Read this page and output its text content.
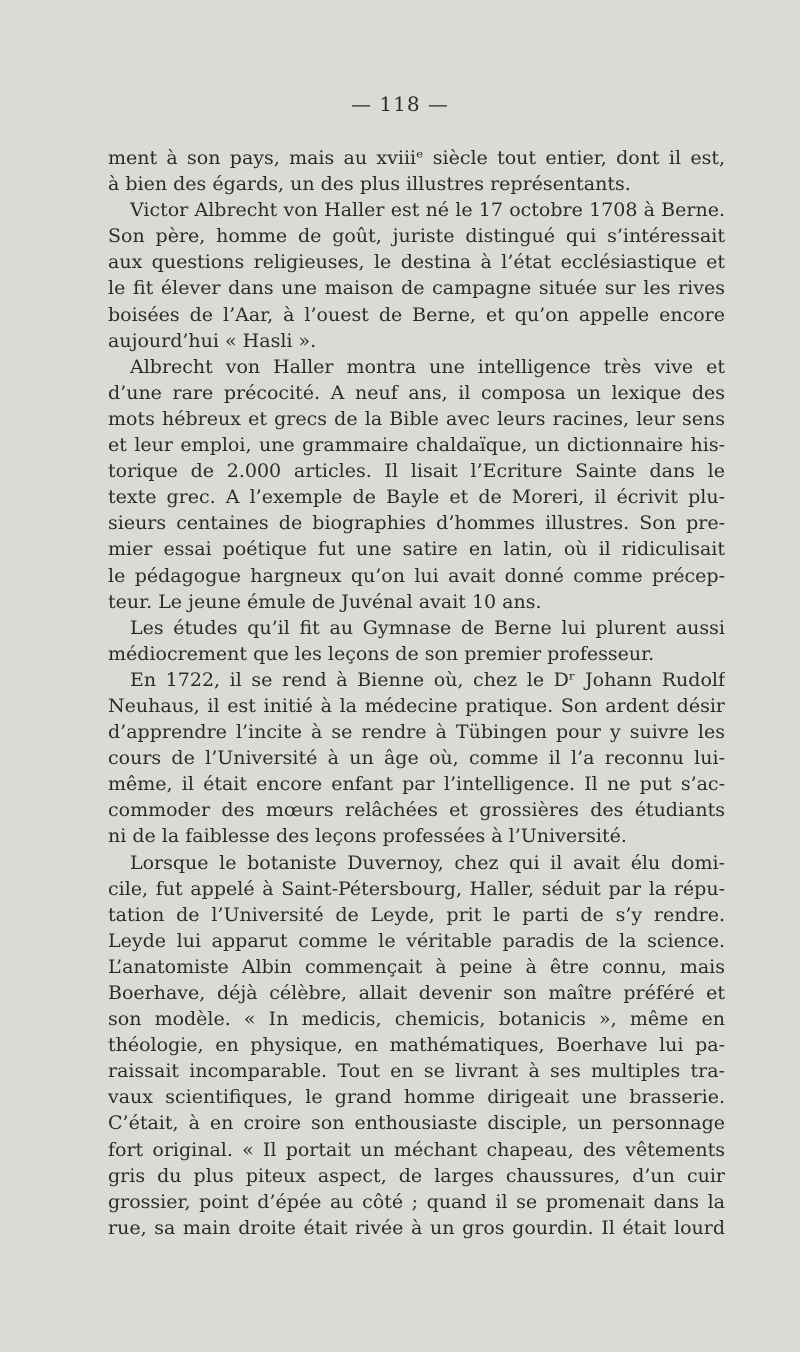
— 118 —
ment à son pays, mais au xviiiᵉ siècle tout entier, dont il est,
à bien des égards, un des plus illustres représentants.
Victor Albrecht von Haller est né le 17 octobre 1708 à Berne.
Son père, homme de goût, juriste distingué qui s’intéressait
aux questions religieuses, le destina à l’état ecclésiastique et
le fit élever dans une maison de campagne située sur les rives
boisées de l’Aar, à l’ouest de Berne, et qu’on appelle encore
aujourd’hui « Hasli ».
Albrecht von Haller montra une intelligence très vive et
d’une rare précocité. A neuf ans, il composa un lexique des
mots hébreux et grecs de la Bible avec leurs racines, leur sens
et leur emploi, une grammaire chaldaïque, un dictionnaire his-
torique de 2.000 articles. Il lisait l’Ecriture Sainte dans le
texte grec. A l’exemple de Bayle et de Moreri, il écrivit plu-
sieurs centaines de biographies d’hommes illustres. Son pre-
mier essai poétique fut une satire en latin, où il ridiculisait
le pédagogue hargneux qu’on lui avait donné comme précep-
teur. Le jeune émule de Juvénal avait 10 ans.
Les études qu’il fit au Gymnase de Berne lui plurent aussi
médiocrement que les leçons de son premier professeur.
En 1722, il se rend à Bienne où, chez le Dʳ Johann Rudolf
Neuhaus, il est initié à la médecine pratique. Son ardent désir
d’apprendre l’incite à se rendre à Tübingen pour y suivre les
cours de l’Université à un âge où, comme il l’a reconnu lui-
même, il était encore enfant par l’intelligence. Il ne put s’ac-
commoder des mœurs relâchées et grossières des étudiants
ni de la faiblesse des leçons professées à l’Université.
Lorsque le botaniste Duvernoy, chez qui il avait élu domi-
cile, fut appelé à Saint-Pétersbourg, Haller, séduit par la répu-
tation de l’Université de Leyde, prit le parti de s’y rendre.
Leyde lui apparut comme le véritable paradis de la science.
L’anatomiste Albin commençait à peine à être connu, mais
Boerhave, déjà célèbre, allait devenir son maître préféré et
son modèle. « In medicis, chemicis, botanicis », même en
théologie, en physique, en mathématiques, Boerhave lui pa-
raissait incomparable. Tout en se livrant à ses multiples tra-
vaux scientifiques, le grand homme dirigeait une brasserie.
C’était, à en croire son enthousiaste disciple, un personnage
fort original. « Il portait un méchant chapeau, des vêtements
gris du plus piteux aspect, de larges chaussures, d’un cuir
grossier, point d’épée au côté ; quand il se promenait dans la
rue, sa main droite était rivée à un gros gourdin. Il était lourd
